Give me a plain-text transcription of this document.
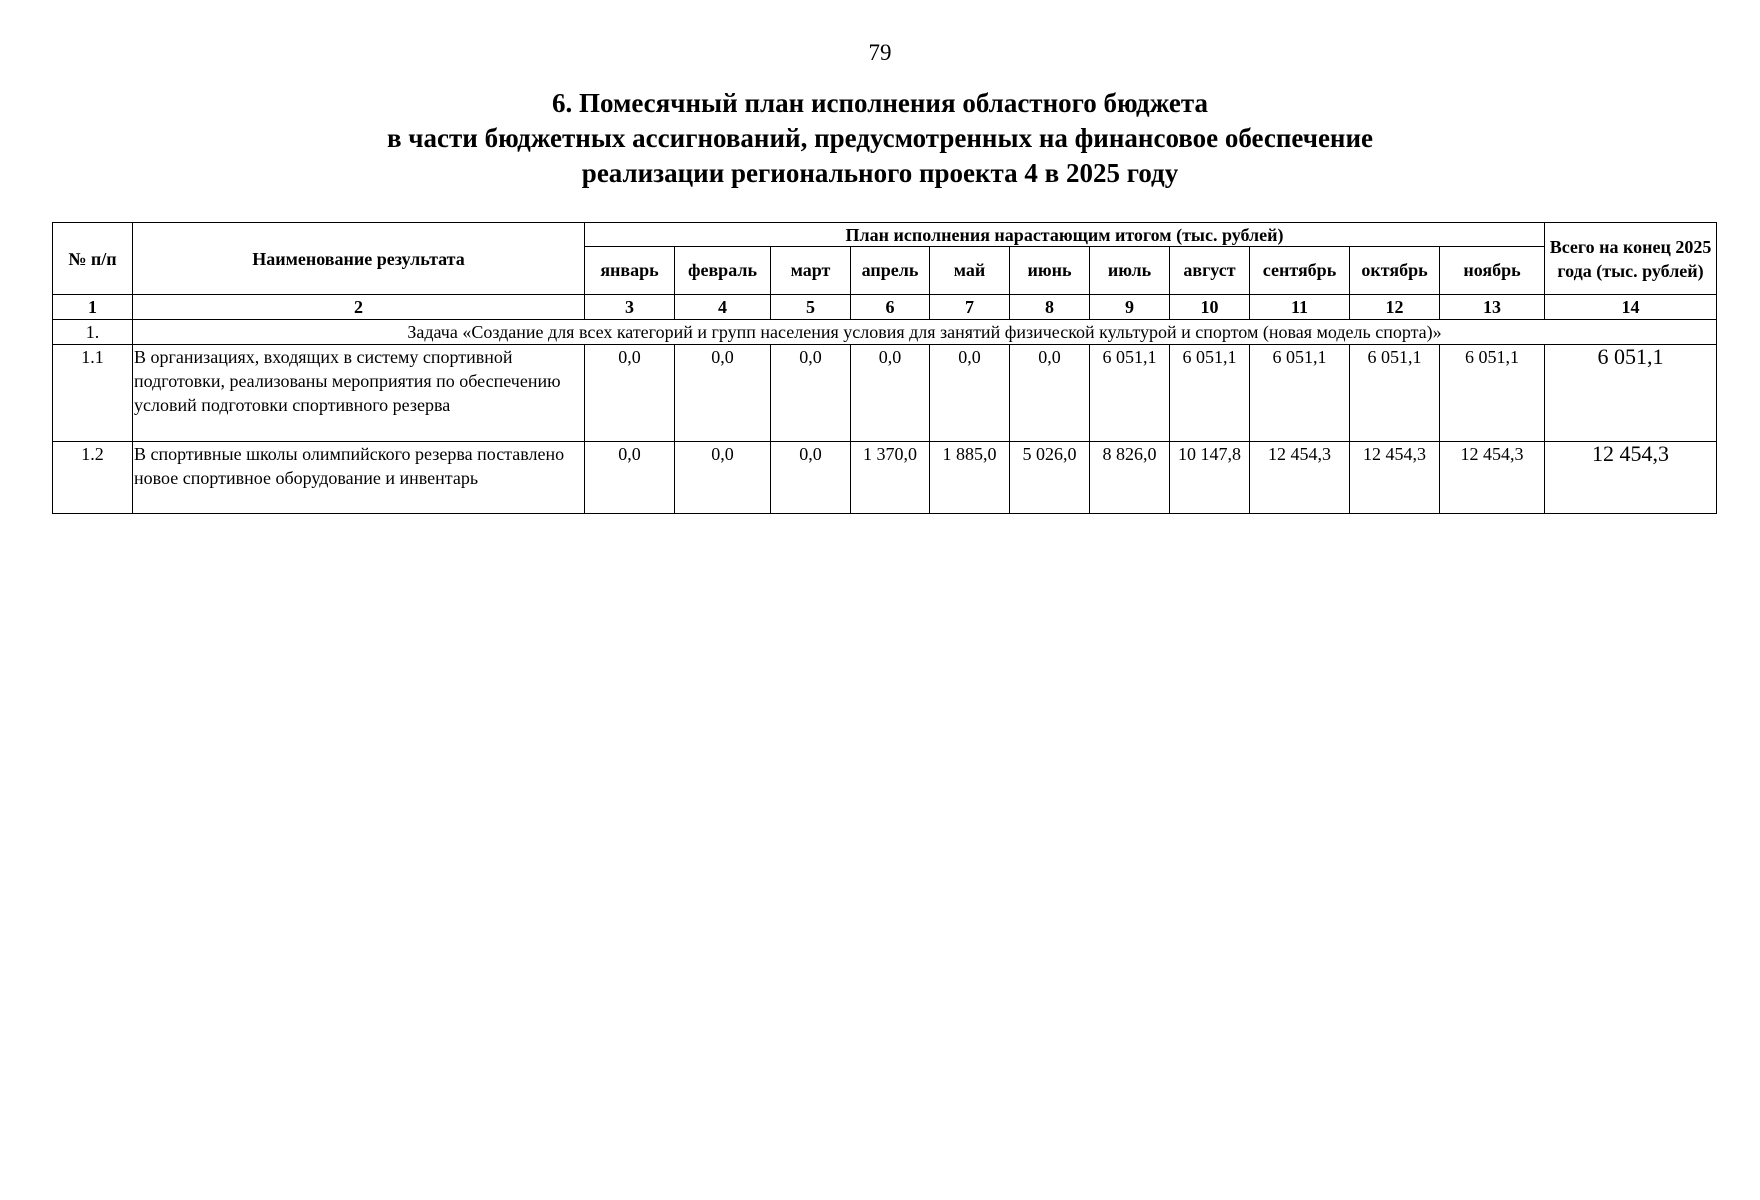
79
6. Помесячный план исполнения областного бюджета
в части бюджетных ассигнований, предусмотренных на финансовое обеспечение
реализации регионального проекта 4 в 2025 году
№ п/п	Наименование результата	План исполнения нарастающим итогом (тыс. рублей)											Всего на конец 2025 года (тыс. рублей)
		январь	февраль	март	апрель	май	июнь	июль	август	сентябрь	октябрь	ноябрь	
1	2	3	4	5	6	7	8	9	10	11	12	13	14
1.	Задача «Создание для всех категорий и групп населения условия для занятий физической культурой и спортом (новая модель спорта)»												
1.1	В организациях, входящих в систему спортивной подготовки, реализованы мероприятия по обеспечению условий подготовки спортивного резерва	0,0	0,0	0,0	0,0	0,0	0,0	6 051,1	6 051,1	6 051,1	6 051,1	6 051,1	6 051,1
1.2	В спортивные школы олимпийского резерва поставлено новое спортивное оборудование и инвентарь	0,0	0,0	0,0	1 370,0	1 885,0	5 026,0	8 826,0	10 147,8	12 454,3	12 454,3	12 454,3	12 454,3
